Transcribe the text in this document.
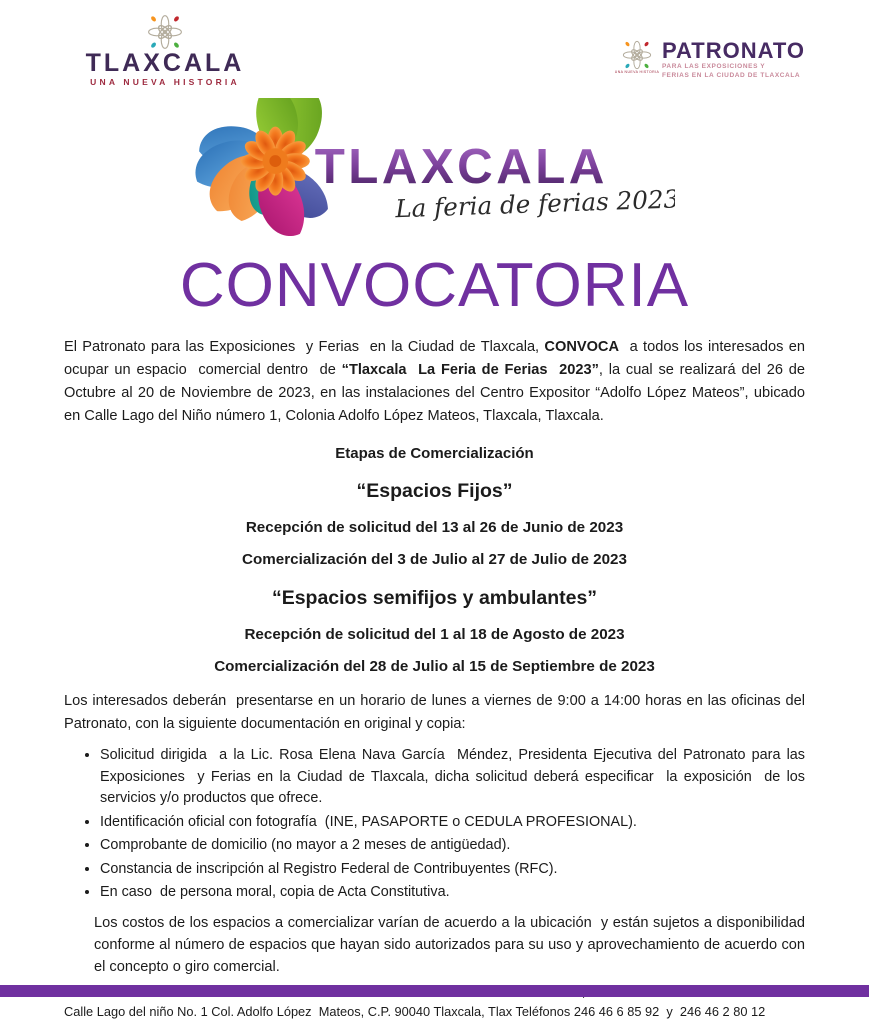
TLAXCALA
UNA NUEVA HISTORIA
UNA NUEVA HISTORIA
PATRONATO
PARA LAS EXPOSICIONES Y
FERIAS EN LA CIUDAD DE TLAXCALA
TLAXCALA
La feria de ferias 2023
CONVOCATORIA

El Patronato para las Exposiciones  y Ferias  en la Ciudad de Tlaxcala, CONVOCA  a todos los interesados en ocupar un espacio  comercial dentro  de “Tlaxcala  La Feria de Ferias  2023”, la cual se realizará del 26 de Octubre al 20 de Noviembre de 2023, en las instalaciones del Centro Expositor “Adolfo López Mateos”, ubicado en Calle Lago del Niño número 1, Colonia Adolfo López Mateos, Tlaxcala, Tlaxcala.

Etapas de Comercialización
“Espacios Fijos”
Recepción de solicitud del 13 al 26 de Junio de 2023
Comercialización del 3 de Julio al 27 de Julio de 2023
“Espacios semifijos y ambulantes”
Recepción de solicitud del 1 al 18 de Agosto de 2023
Comercialización del 28 de Julio al 15 de Septiembre de 2023

Los interesados deberán  presentarse en un horario de lunes a viernes de 9:00 a 14:00 horas en las oficinas del Patronato, con la siguiente documentación en original y copia:

• Solicitud dirigida  a la Lic. Rosa Elena Nava García  Méndez, Presidenta Ejecutiva del Patronato para las Exposiciones  y Ferias en la Ciudad de Tlaxcala, dicha solicitud deberá especificar  la exposición  de los servicios y/o productos que ofrece.
• Identificación oficial con fotografía  (INE, PASAPORTE o CEDULA PROFESIONAL).
• Comprobante de domicilio (no mayor a 2 meses de antigüedad).
• Constancia de inscripción al Registro Federal de Contribuyentes (RFC).
• En caso  de persona moral, copia de Acta Constitutiva.

Los costos de los espacios a comercializar varían de acuerdo a la ubicación  y están sujetos a disponibilidad conforme al número de espacios que hayan sido autorizados para su uso y aprovechamiento de acuerdo con el concepto o giro comercial.

Calle Lago del niño No. 1 Col. Adolfo López  Mateos, C.P. 90040 Tlaxcala, Tlax Teléfonos 246 46 6 85 92  y  246 46 2 80 12
